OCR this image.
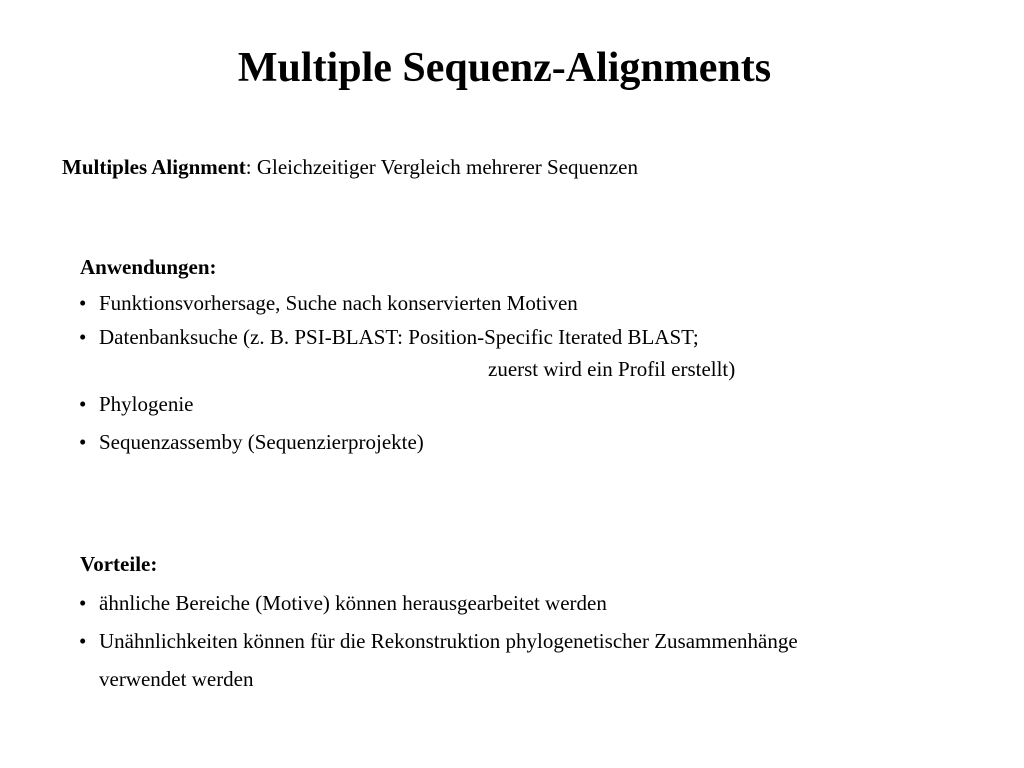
Multiple Sequenz-Alignments
Multiples Alignment: Gleichzeitiger Vergleich mehrerer Sequenzen
Anwendungen:
• Funktionsvorhersage, Suche nach konservierten Motiven
• Datenbanksuche (z. B. PSI-BLAST: Position-Specific Iterated BLAST;
zuerst wird ein Profil erstellt)
• Phylogenie
• Sequenzassemby (Sequenzierprojekte)
Vorteile:
• ähnliche Bereiche (Motive) können herausgearbeitet werden
• Unähnlichkeiten können für die Rekonstruktion phylogenetischer Zusammenhänge
verwendet werden
